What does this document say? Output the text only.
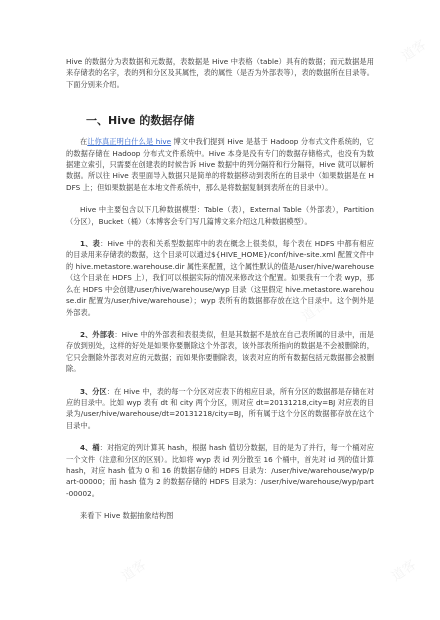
Hive 的数据分为表数据和元数据，表数据是 Hive 中表格（table）具有的数据；而元数据是用来存储表的名字，表的列和分区及其属性，表的属性（是否为外部表等），表的数据所在目录等。下面分别来介绍。

一、Hive 的数据存储

在让你真正明白什么是 hive 博文中我们提到 Hive 是基于 Hadoop 分布式文件系统的，它的数据存储在 Hadoop 分布式文件系统中。Hive 本身是没有专门的数据存储格式，也没有为数据建立索引，只需要在创建表的时候告诉 Hive 数据中的列分隔符和行分隔符，Hive 就可以解析数据。所以往 Hive 表里面导入数据只是简单的将数据移动到表所在的目录中（如果数据是在 HDFS 上；但如果数据是在本地文件系统中，那么是将数据复制到表所在的目录中）。

Hive 中主要包含以下几种数据模型：Table（表），External Table（外部表），Partition（分区），Bucket（桶）（本博客会专门写几篇博文来介绍这几种数据模型）。

1、表：Hive 中的表和关系型数据库中的表在概念上很类似，每个表在 HDFS 中都有相应的目录用来存储表的数据，这个目录可以通过${HIVE_HOME}/conf/hive-site.xml 配置文件中的 hive.metastore.warehouse.dir 属性来配置，这个属性默认的值是/user/hive/warehouse（这个目录在 HDFS 上），我们可以根据实际的情况来修改这个配置。如果我有一个表 wyp，那么在 HDFS 中会创建/user/hive/warehouse/wyp 目录（这里假定 hive.metastore.warehouse.dir 配置为/user/hive/warehouse）；wyp 表所有的数据都存放在这个目录中。这个例外是外部表。

2、外部表：Hive 中的外部表和表很类似，但是其数据不是放在自己表所属的目录中，而是存放到别处，这样的好处是如果你要删除这个外部表，该外部表所指向的数据是不会被删除的，它只会删除外部表对应的元数据；而如果你要删除表，该表对应的所有数据包括元数据都会被删除。

3、分区：在 Hive 中，表的每一个分区对应表下的相应目录，所有分区的数据都是存储在对应的目录中。比如 wyp 表有 dt 和 city 两个分区，则对应 dt=20131218,city=BJ 对应表的目录为/user/hive/warehouse/dt=20131218/city=BJ，所有属于这个分区的数据都存放在这个目录中。

4、桶：对指定的列计算其 hash，根据 hash 值切分数据，目的是为了并行，每一个桶对应一个文件（注意和分区的区别）。比如将 wyp 表 id 列分散至 16 个桶中，首先对 id 列的值计算 hash，对应 hash 值为 0 和 16 的数据存储的 HDFS 目录为：/user/hive/warehouse/wyp/part-00000；而 hash 值为 2 的数据存储的 HDFS 目录为：/user/hive/warehouse/wyp/part-00002。

来看下 Hive 数据抽象结构图

道客
道客
道客	道客
